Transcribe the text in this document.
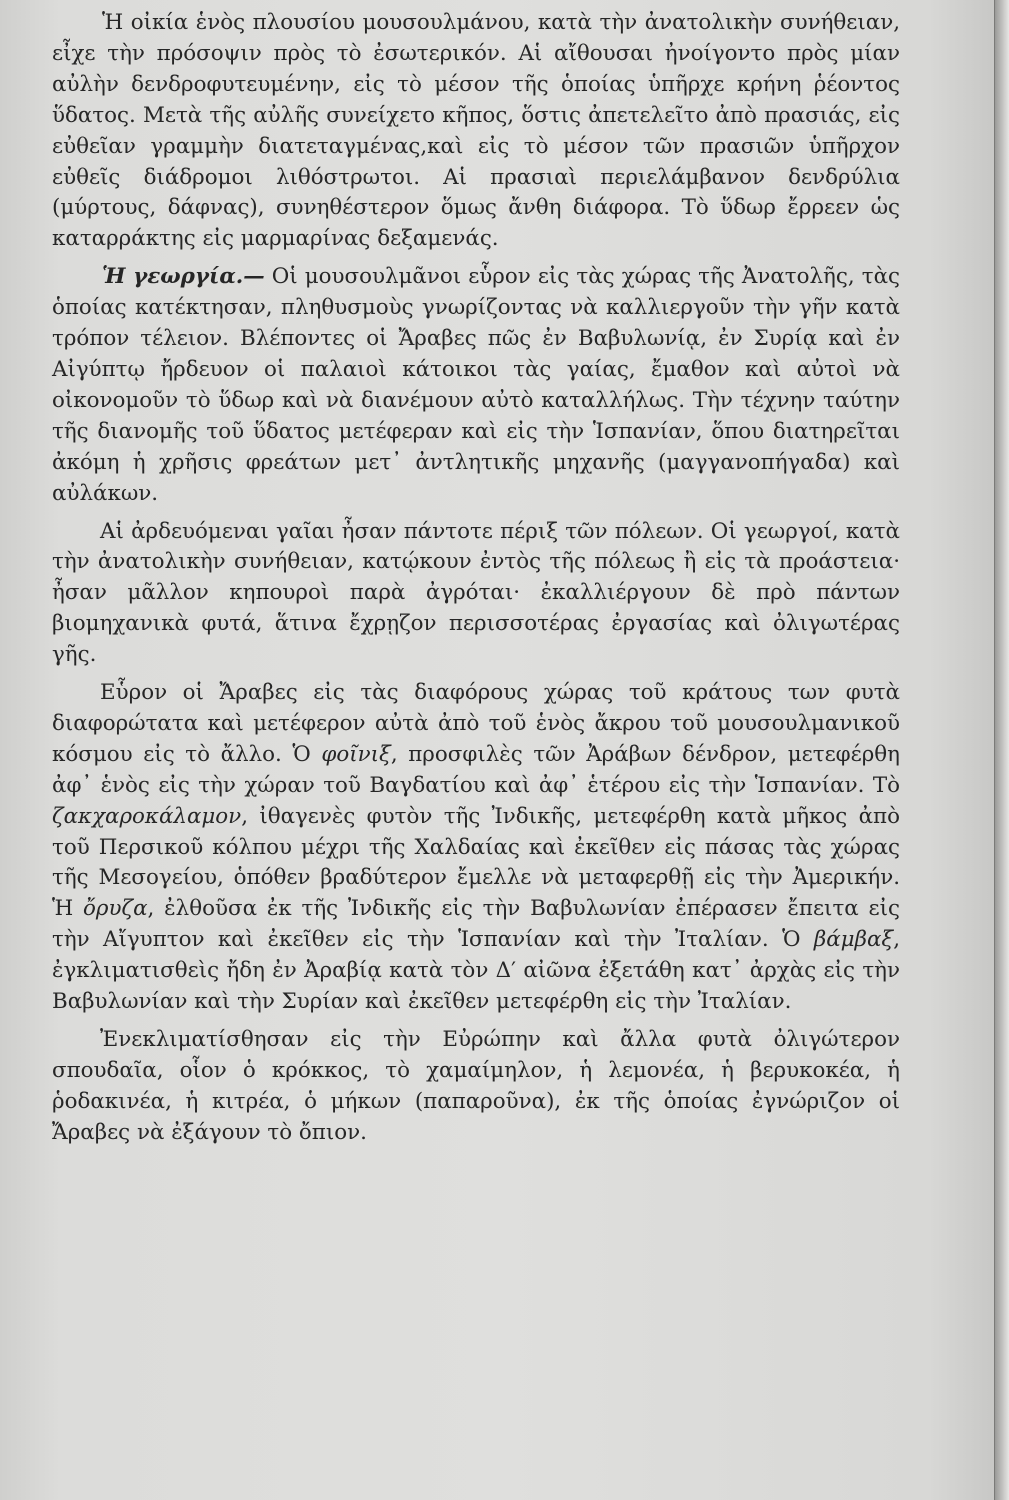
Ἡ οἰκία ἑνὸς πλουσίου μουσουλμάνου, κατὰ τὴν ἀνατολικὴν συνήθειαν, εἶχε τὴν πρόσοψιν πρὸς τὸ ἐσωτερικόν. Αἱ αἴθουσαι ἠνοίγοντο πρὸς μίαν αὐλὴν δενδροφυτευμένην, εἰς τὸ μέσον τῆς ὁποίας ὑπῆρχε κρήνη ῥέοντος ὕδατος. Μετὰ τῆς αὐλῆς συνείχετο κῆπος, ὅστις ἀπετελεῖτο ἀπὸ πρασιάς, εἰς εὐθεῖαν γραμμὴν διατεταγμένας,καὶ εἰς τὸ μέσον τῶν πρασιῶν ὑπῆρχον εὐθεῖς διάδρομοι λιθόστρωτοι. Αἱ πρασιαὶ περιελάμβανον δενδρύλια (μύρτους, δάφνας), συνηθέστερον ὅμως ἄνθη διάφορα. Τὸ ὕδωρ ἔρρεεν ὡς καταρράκτης εἰς μαρμαρίνας δεξαμενάς.

Ἡ γεωργία.— Οἱ μουσουλμᾶνοι εὗρον εἰς τὰς χώρας τῆς Ἀνατολῆς, τὰς ὁποίας κατέκτησαν, πληθυσμοὺς γνωρίζοντας νὰ καλλιεργοῦν τὴν γῆν κατὰ τρόπον τέλειον. Βλέποντες οἱ Ἄραβες πῶς ἐν Βαβυλωνίᾳ, ἐν Συρίᾳ καὶ ἐν Αἰγύπτῳ ἤρδευον οἱ παλαιοὶ κάτοικοι τὰς γαίας, ἔμαθον καὶ αὐτοὶ νὰ οἰκονομοῦν τὸ ὕδωρ καὶ νὰ διανέμουν αὐτὸ καταλλήλως. Τὴν τέχνην ταύτην τῆς διανομῆς τοῦ ὕδατος μετέφεραν καὶ εἰς τὴν Ἱσπανίαν, ὅπου διατηρεῖται ἀκόμη ἡ χρῆσις φρεάτων μετ᾽ ἀντλητικῆς μηχανῆς (μαγγανοπήγαδα) καὶ αὐλάκων.

Αἱ ἀρδευόμεναι γαῖαι ἦσαν πάντοτε πέριξ τῶν πόλεων. Οἱ γεωργοί, κατὰ τὴν ἀνατολικὴν συνήθειαν, κατῴκουν ἐντὸς τῆς πόλεως ἢ εἰς τὰ προάστεια· ἦσαν μᾶλλον κηπουροὶ παρὰ ἀγρόται· ἐκαλλιέργουν δὲ πρὸ πάντων βιομηχανικὰ φυτά, ἅτινα ἔχρῃζον περισσοτέρας ἐργασίας καὶ ὀλιγωτέρας γῆς.

Εὗρον οἱ Ἄραβες εἰς τὰς διαφόρους χώρας τοῦ κράτους των φυτὰ διαφορώτατα καὶ μετέφερον αὐτὰ ἀπὸ τοῦ ἑνὸς ἄκρου τοῦ μουσουλμανικοῦ κόσμου εἰς τὸ ἄλλο. Ὁ φοῖνιξ, προσφιλὲς τῶν Ἀράβων δένδρον, μετεφέρθη ἀφ᾽ ἑνὸς εἰς τὴν χώραν τοῦ Βαγδατίου καὶ ἀφ᾽ ἑτέρου εἰς τὴν Ἱσπανίαν. Τὸ ζακχαροκάλαμον, ἰθαγενὲς φυτὸν τῆς Ἰνδικῆς, μετεφέρθη κατὰ μῆκος ἀπὸ τοῦ Περσικοῦ κόλπου μέχρι τῆς Χαλδαίας καὶ ἐκεῖθεν εἰς πάσας τὰς χώρας τῆς Μεσογείου, ὁπόθεν βραδύτερον ἔμελλε νὰ μεταφερθῇ εἰς τὴν Ἀμερικήν. Ἡ ὄρυζα, ἐλθοῦσα ἐκ τῆς Ἰνδικῆς εἰς τὴν Βαβυλωνίαν ἐπέρασεν ἔπειτα εἰς τὴν Αἴγυπτον καὶ ἐκεῖθεν εἰς τὴν Ἱσπανίαν καὶ τὴν Ἰταλίαν. Ὁ βάμβαξ, ἐγκλιματισθεὶς ἤδη ἐν Ἀραβίᾳ κατὰ τὸν Δ′ αἰῶνα ἐξετάθη κατ᾽ ἀρχὰς εἰς τὴν Βαβυλωνίαν καὶ τὴν Συρίαν καὶ ἐκεῖθεν μετεφέρθη εἰς τὴν Ἰταλίαν.

Ἐνεκλιματίσθησαν εἰς τὴν Εὐρώπην καὶ ἄλλα φυτὰ ὀλιγώτερον σπουδαῖα, οἷον ὁ κρόκκος, τὸ χαμαίμηλον, ἡ λεμονέα, ἡ βερυκοκέα, ἡ ῥοδακινέα, ἡ κιτρέα, ὁ μήκων (παπαροῦνα), ἐκ τῆς ὁποίας ἐγνώριζον οἱ Ἄραβες νὰ ἐξάγουν τὸ ὄπιον.
